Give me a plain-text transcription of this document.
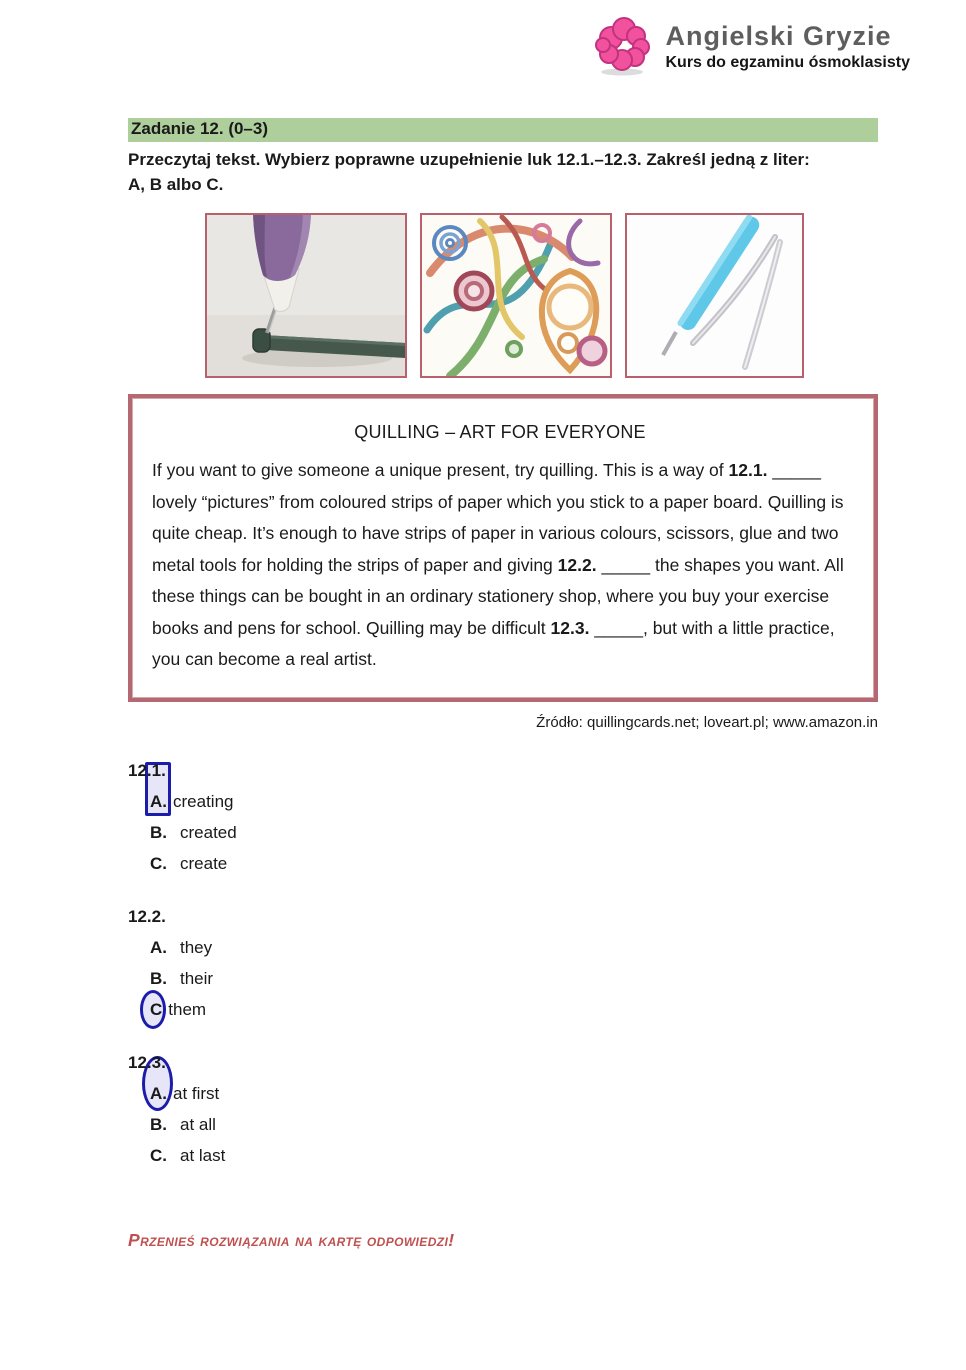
Angielski Gryzie
Kurs do egzaminu ósmoklasisty
Zadanie 12. (0–3)
Przeczytaj tekst. Wybierz poprawne uzupełnienie luk 12.1.–12.3. Zakreśl jedną z liter:
A, B albo C.
QUILLING – ART FOR EVERYONE

If you want to give someone a unique present, try quilling. This is a way of 12.1. _____ lovely “pictures” from coloured strips of paper which you stick to a paper board. Quilling is quite cheap. It’s enough to have strips of paper in various colours, scissors, glue and two metal tools for holding the strips of paper and giving 12.2. _____ the shapes you want. All these things can be bought in an ordinary stationery shop, where you buy your exercise books and pens for school. Quilling may be difficult 12.3. _____, but with a little practice, you can become a real artist.

Źródło: quillingcards.net; loveart.pl; www.amazon.in
12.1.
A. creating
B. created
C. create
12.2.
A. they
B. their
C them
12.3.
A. at first
B. at all
C. at last
Przenieś rozwiązania na kartę odpowiedzi!
